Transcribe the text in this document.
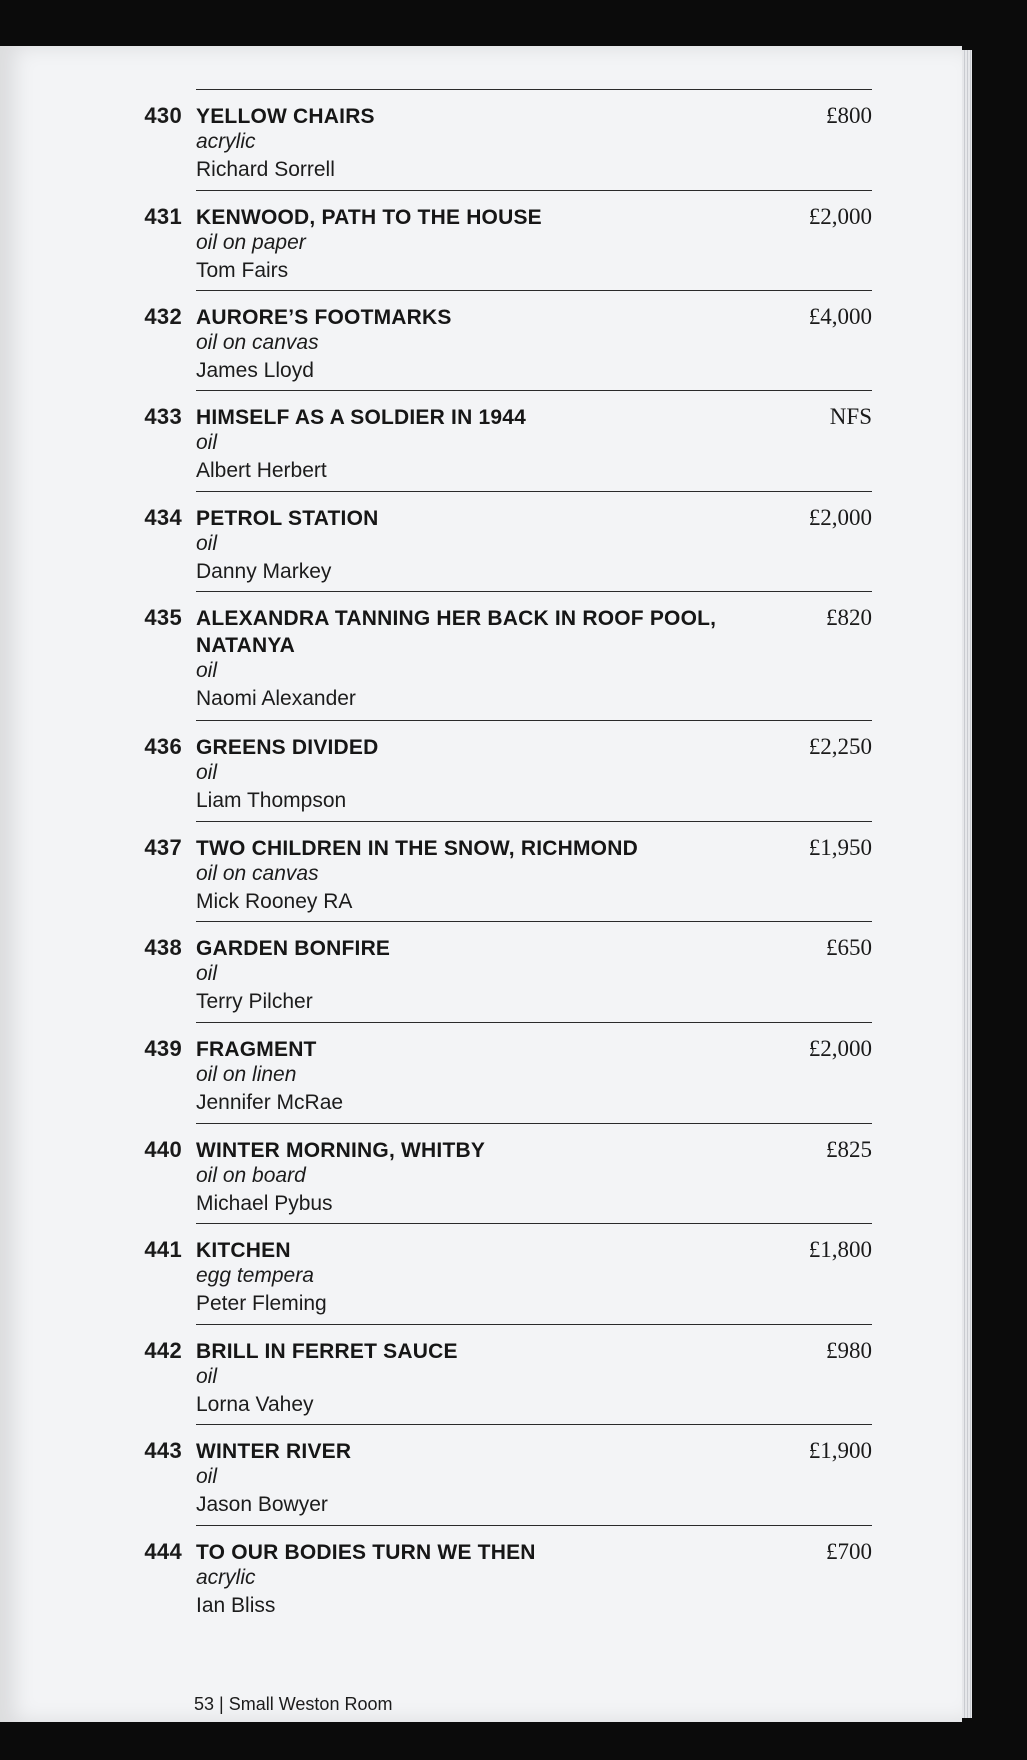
430 YELLOW CHAIRS
acrylic
Richard Sorrell
£800
431 KENWOOD, PATH TO THE HOUSE
oil on paper
Tom Fairs
£2,000
432 AURORE’S FOOTMARKS
oil on canvas
James Lloyd
£4,000
433 HIMSELF AS A SOLDIER IN 1944
oil
Albert Herbert
NFS
434 PETROL STATION
oil
Danny Markey
£2,000
435 ALEXANDRA TANNING HER BACK IN ROOF POOL, NATANYA
oil
Naomi Alexander
£820
436 GREENS DIVIDED
oil
Liam Thompson
£2,250
437 TWO CHILDREN IN THE SNOW, RICHMOND
oil on canvas
Mick Rooney RA
£1,950
438 GARDEN BONFIRE
oil
Terry Pilcher
£650
439 FRAGMENT
oil on linen
Jennifer McRae
£2,000
440 WINTER MORNING, WHITBY
oil on board
Michael Pybus
£825
441 KITCHEN
egg tempera
Peter Fleming
£1,800
442 BRILL IN FERRET SAUCE
oil
Lorna Vahey
£980
443 WINTER RIVER
oil
Jason Bowyer
£1,900
444 TO OUR BODIES TURN WE THEN
acrylic
Ian Bliss
£700
53 | Small Weston Room
